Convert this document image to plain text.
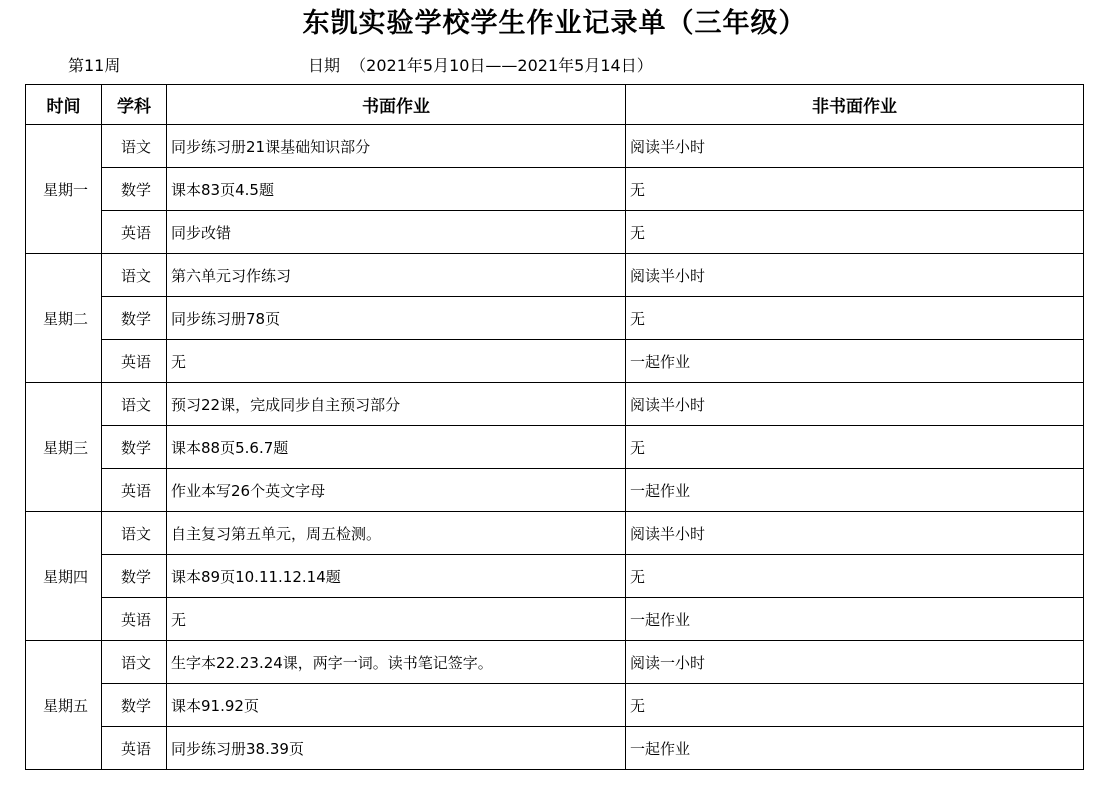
东凯实验学校学生作业记录单（三年级）
第11周	日期  （2021年5月10日——2021年5月14日）
时间	学科	书面作业	非书面作业
星期一	语文	同步练习册21课基础知识部分	阅读半小时
	数学	课本83页4.5题	无
	英语	同步改错	无
星期二	语文	第六单元习作练习	阅读半小时
	数学	同步练习册78页	无
	英语	无	一起作业
星期三	语文	预习22课，完成同步自主预习部分	阅读半小时
	数学	课本88页5.6.7题	无
	英语	作业本写26个英文字母	一起作业
星期四	语文	自主复习第五单元，周五检测。	阅读半小时
	数学	课本89页10.11.12.14题	无
	英语	无	一起作业
星期五	语文	生字本22.23.24课，两字一词。读书笔记签字。	阅读一小时
	数学	课本91.92页	无
	英语	同步练习册38.39页	一起作业
